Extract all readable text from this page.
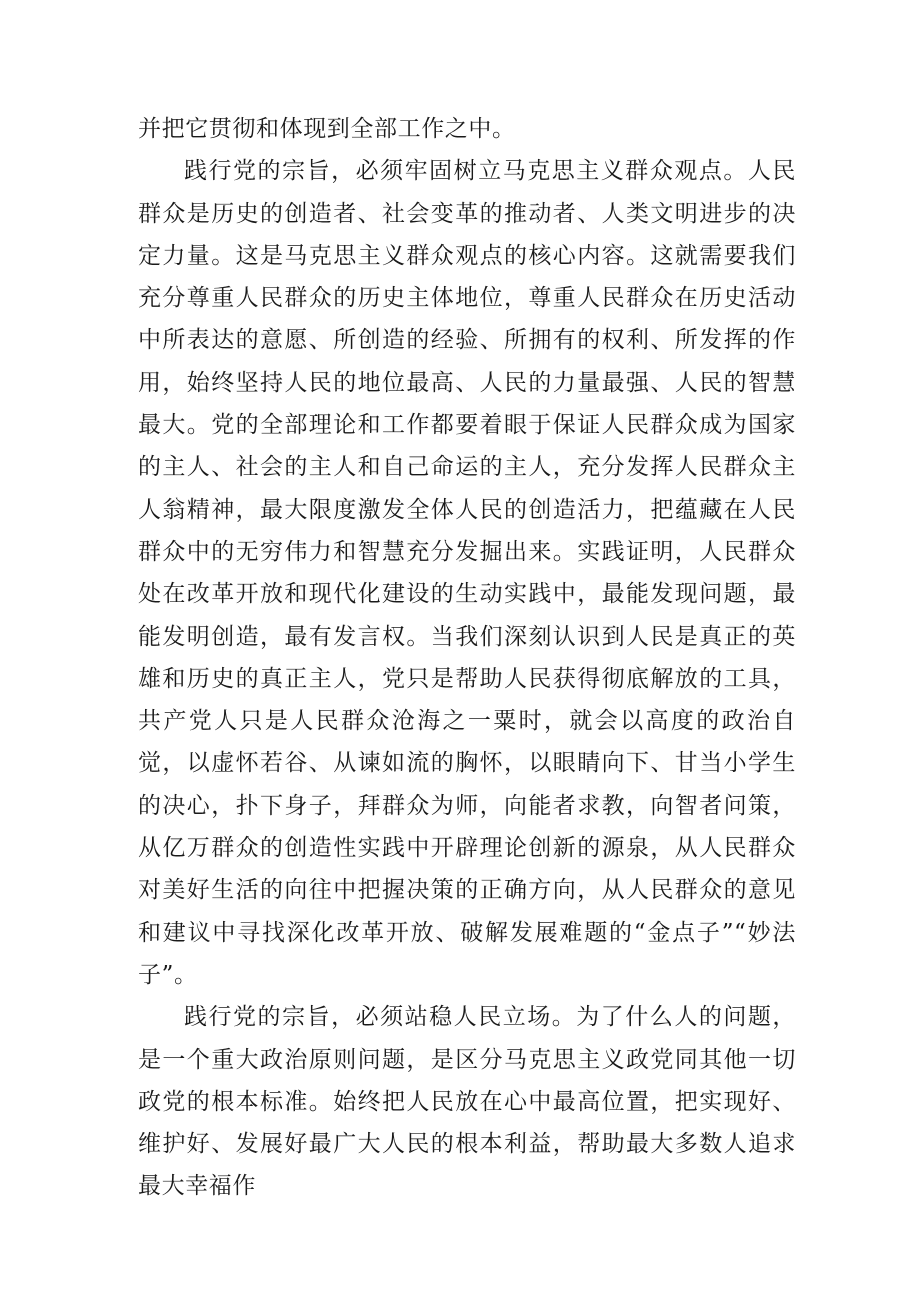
并把它贯彻和体现到全部工作之中。

践行党的宗旨，必须牢固树立马克思主义群众观点。人民群众是历史的创造者、社会变革的推动者、人类文明进步的决定力量。这是马克思主义群众观点的核心内容。这就需要我们充分尊重人民群众的历史主体地位，尊重人民群众在历史活动中所表达的意愿、所创造的经验、所拥有的权利、所发挥的作用，始终坚持人民的地位最高、人民的力量最强、人民的智慧最大。党的全部理论和工作都要着眼于保证人民群众成为国家的主人、社会的主人和自己命运的主人，充分发挥人民群众主人翁精神，最大限度激发全体人民的创造活力，把蕴藏在人民群众中的无穷伟力和智慧充分发掘出来。实践证明，人民群众处在改革开放和现代化建设的生动实践中，最能发现问题，最能发明创造，最有发言权。当我们深刻认识到人民是真正的英雄和历史的真正主人，党只是帮助人民获得彻底解放的工具，共产党人只是人民群众沧海之一粟时，就会以高度的政治自觉，以虚怀若谷、从谏如流的胸怀，以眼睛向下、甘当小学生的决心，扑下身子，拜群众为师，向能者求教，向智者问策，从亿万群众的创造性实践中开辟理论创新的源泉，从人民群众对美好生活的向往中把握决策的正确方向，从人民群众的意见和建议中寻找深化改革开放、破解发展难题的“金点子”“妙法子”。

践行党的宗旨，必须站稳人民立场。为了什么人的问题，是一个重大政治原则问题，是区分马克思主义政党同其他一切政党的根本标准。始终把人民放在心中最高位置，把实现好、维护好、发展好最广大人民的根本利益，帮助最大多数人追求最大幸福作
